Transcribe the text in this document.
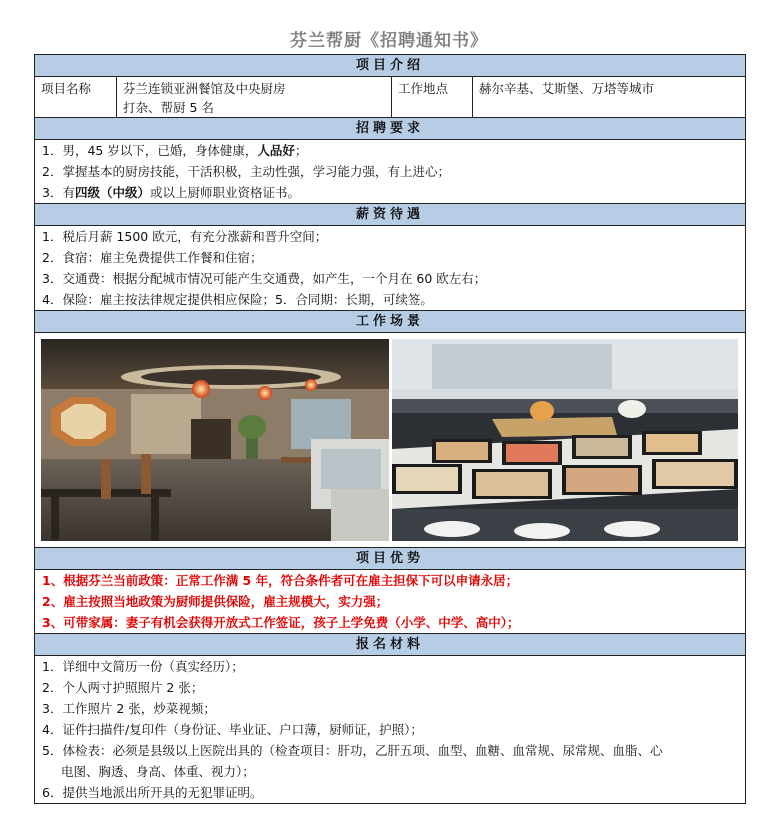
芬兰帮厨《招聘通知书》
项目介绍
项目名称	芬兰连锁亚洲餐馆及中央厨房
打杂、帮厨 5 名
工作地点	赫尔辛基、艾斯堡、万塔等城市
招聘要求
1．男，45 岁以下，已婚，身体健康，人品好；
2．掌握基本的厨房技能，干活积极，主动性强，学习能力强，有上进心；
3．有四级（中级）或以上厨师职业资格证书。
薪资待遇
1．税后月薪 1500 欧元，有充分涨薪和晋升空间；
2．食宿：雇主免费提供工作餐和住宿；
3．交通费：根据分配城市情况可能产生交通费，如产生，一个月在 60 欧左右；
4．保险：雇主按法律规定提供相应保险；5．合同期：长期，可续签。
工作场景
项目优势
1、根据芬兰当前政策：正常工作满 5 年，符合条件者可在雇主担保下可以申请永居；
2、雇主按照当地政策为厨师提供保险，雇主规模大，实力强；
3、可带家属：妻子有机会获得开放式工作签证，孩子上学免费（小学、中学、高中）；
报名材料
1．详细中文简历一份（真实经历）；
2．个人两寸护照照片 2 张；
3．工作照片 2 张，炒菜视频；
4．证件扫描件/复印件（身份证、毕业证、户口薄，厨师证，护照）；
5．体检表：必须是县级以上医院出具的（检查项目：肝功，乙肝五项、血型、血糖、血常规、尿常规、血脂、心
电图、胸透、身高、体重、视力）；
6．提供当地派出所开具的无犯罪证明。
